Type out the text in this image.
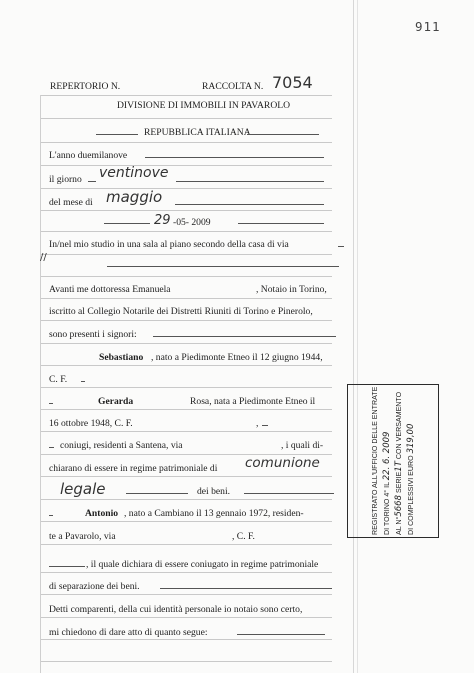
911
REPERTORIO N.	RACCOLTA N. 7054
DIVISIONE DI IMMOBILI IN PAVAROLO
REPUBBLICA ITALIANA
L'anno duemilanove
il giorno ventinove
del mese di maggio
29 -05- 2009
In/nel mio studio in una sala al piano secondo della casa di via
//
Avanti me dottoressa Emanuela	, Notaio in Torino,
iscritto al Collegio Notarile dei Distretti Riuniti di Torino e Pinerolo,
sono presenti i signori:
Sebastiano , nato a Piedimonte Etneo il 12 giugno 1944,
C. F.
Gerarda	Rosa, nata a Piedimonte Etneo il
16 ottobre 1948, C. F.	,
coniugi, residenti a Santena, via	, i quali di-
chiarano di essere in regime patrimoniale di comunione
legale	dei beni.
Antonio , nato a Cambiano il 13 gennaio 1972, residen-
te a Pavarolo, via	, C. F.
, il quale dichiara di essere coniugato in regime patrimoniale
di separazione dei beni.
Detti comparenti, della cui identità personale io notaio sono certo,
mi chiedono di dare atto di quanto segue:
REGISTRATO ALL'UFFICIO DELLE ENTRATE DI TORINO 4° IL 22. 6. 2009
AL N°5668 SERIE1T CON VERSAMENTO
DI COMPLESSIVI EURO 319,00
